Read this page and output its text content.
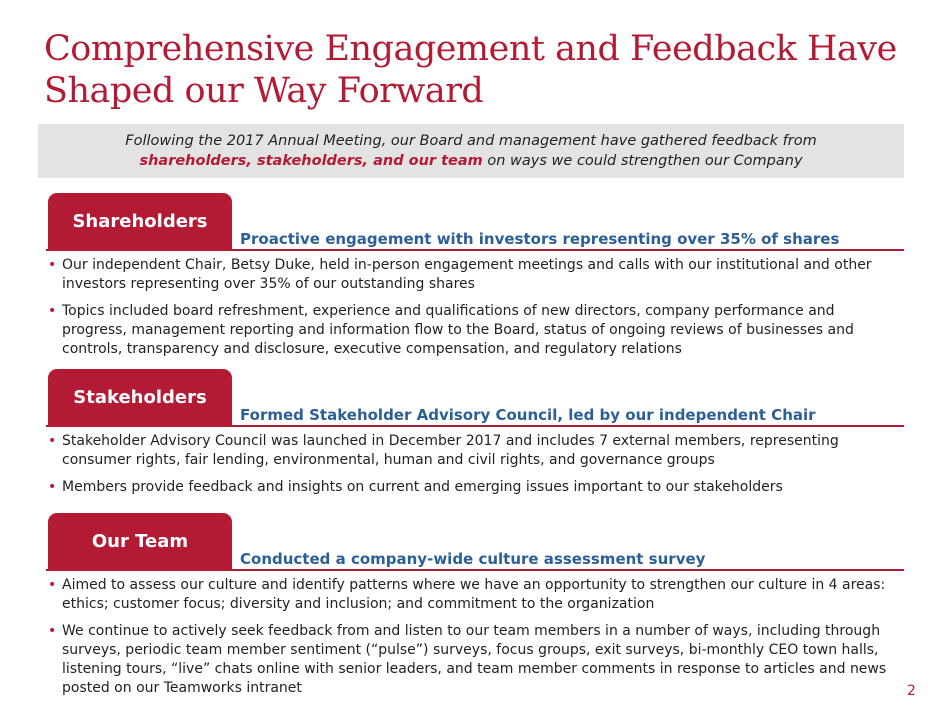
Comprehensive Engagement and Feedback Have Shaped our Way Forward
Following the 2017 Annual Meeting, our Board and management have gathered feedback from
shareholders, stakeholders, and our team on ways we could strengthen our Company
Shareholders
Proactive engagement with investors representing over 35% of shares
• Our independent Chair, Betsy Duke, held in-person engagement meetings and calls with our institutional and other investors representing over 35% of our outstanding shares
• Topics included board refreshment, experience and qualifications of new directors, company performance and progress, management reporting and information flow to the Board, status of ongoing reviews of businesses and controls, transparency and disclosure, executive compensation, and regulatory relations
Stakeholders
Formed Stakeholder Advisory Council, led by our independent Chair
• Stakeholder Advisory Council was launched in December 2017 and includes 7 external members, representing consumer rights, fair lending, environmental, human and civil rights, and governance groups
• Members provide feedback and insights on current and emerging issues important to our stakeholders
Our Team
Conducted a company-wide culture assessment survey
• Aimed to assess our culture and identify patterns where we have an opportunity to strengthen our culture in 4 areas: ethics; customer focus; diversity and inclusion; and commitment to the organization
• We continue to actively seek feedback from and listen to our team members in a number of ways, including through surveys, periodic team member sentiment (“pulse”) surveys, focus groups, exit surveys, bi-monthly CEO town halls, listening tours, “live” chats online with senior leaders, and team member comments in response to articles and news posted on our Teamworks intranet	2
